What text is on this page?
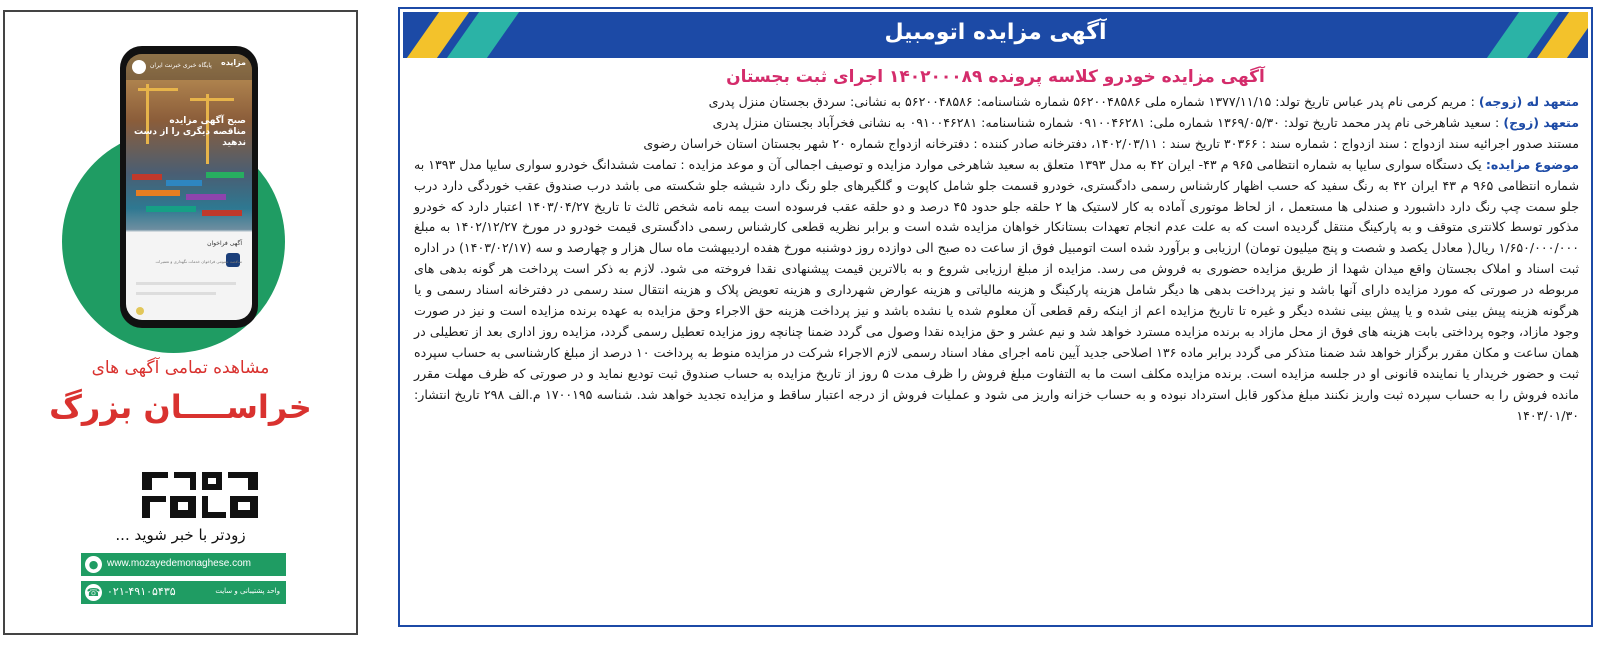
پایگاه خبری خبرنت ایران مزایده
صبح آگهی مزایده مناقصه دیگری را از دست ندهید
آگهی فراخوان
مناقصه عمومی فراخوان خدمات نگهداری و تعمیرات
مشاهده تمامی آگهی های
خراســــان بزرگ
زودتر با خبر شوید ...
● www.mozayedemonaghese.com
☎ ۰۲۱-۴۹۱۰۵۴۳۵	واحد پشتیبانی و سایت
آگهی مزایده اتومبیل
آگهی مزایده خودرو کلاسه پرونده ۱۴۰۲۰۰۰۸۹ اجرای ثبت بجستان

متعهد له (زوجه) : مریم کرمی نام پدر عباس تاریخ تولد: ۱۳۷۷/۱۱/۱۵ شماره ملی ۵۶۲۰۰۴۸۵۸۶ شماره شناسنامه: ۵۶۲۰۰۴۸۵۸۶ به نشانی: سردق بجستان منزل پدری

متعهد (زوج) : سعید شاهرخی نام پدر محمد تاریخ تولد: ۱۳۶۹/۰۵/۳۰ شماره ملی: ۰۹۱۰۰۴۶۲۸۱ شماره شناسنامه: ۰۹۱۰۰۴۶۲۸۱ به نشانی فخرآباد بجستان منزل پدری

مستند صدور اجرائیه سند ازدواج : سند ازدواج : شماره سند : ۳۰۳۶۶ تاریخ سند : ۱۴۰۲/۰۳/۱۱، دفترخانه صادر کننده : دفترخانه ازدواج شماره ۲۰ شهر بجستان استان خراسان رضوی

موضوع مزایده: یک دستگاه سواری سایپا به شماره انتظامی ۹۶۵ م ۴۳- ایران ۴۲ به مدل ۱۳۹۳ متعلق به سعید شاهرخی موارد مزایده و توصیف اجمالی آن و موعد مزایده : تمامت ششدانگ خودرو سواری سایپا مدل ۱۳۹۳ به شماره انتظامی ۹۶۵ م ۴۳ ایران ۴۲ به رنگ سفید که حسب اظهار کارشناس رسمی دادگستری، خودرو قسمت جلو شامل کاپوت و گلگیرهای جلو رنگ دارد شیشه جلو شکسته می باشد درب صندوق عقب خوردگی دارد درب جلو سمت چپ رنگ دارد داشبورد و صندلی ها مستعمل ، از لحاظ موتوری آماده به کار لاستیک ها ۲ حلقه جلو حدود ۴۵ درصد و دو حلقه عقب فرسوده است بیمه نامه شخص ثالث تا تاریخ ۱۴۰۳/۰۴/۲۷ اعتبار دارد که خودرو مذکور توسط کلانتری متوقف و به پارکینگ منتقل گردیده است که به علت عدم انجام تعهدات بستانکار خواهان مزایده شده است و برابر نظریه قطعی کارشناس رسمی دادگستری قیمت خودرو در مورخ ۱۴۰۲/۱۲/۲۷ به مبلغ ۱/۶۵۰/۰۰۰/۰۰۰ ریال( معادل یکصد و شصت و پنج میلیون تومان) ارزیابی و برآورد شده است اتومبیل فوق از ساعت ده صبح الی دوازده روز دوشنبه مورخ هفده اردیبهشت ماه سال هزار و چهارصد و سه (۱۴۰۳/۰۲/۱۷) در اداره ثبت اسناد و املاک بجستان واقع میدان شهدا از طریق مزایده حضوری به فروش می رسد. مزایده از مبلغ ارزیابی شروع و به بالاترین قیمت پیشنهادی نقدا فروخته می شود. لازم به ذکر است پرداخت هر گونه بدهی های مربوطه در صورتی که مورد مزایده دارای آنها باشد و نیز پرداخت بدهی ها دیگر شامل هزینه پارکینگ و هزینه مالیاتی و هزینه عوارض شهرداری و هزینه تعویض پلاک و هزینه انتقال سند رسمی در دفترخانه اسناد رسمی و یا هرگونه هزینه پیش بینی شده و یا پیش بینی نشده دیگر و غیره تا تاریخ مزایده اعم از اینکه رقم قطعی آن معلوم شده یا نشده باشد و نیز پرداخت هزینه حق الاجراء وحق مزایده به عهده برنده مزایده است و نیز در صورت وجود مازاد، وجوه پرداختی بابت هزینه های فوق از محل مازاد به برنده مزایده مسترد خواهد شد و نیم عشر و حق مزایده نقدا وصول می گردد ضمنا چنانچه روز مزایده تعطیل رسمی گردد، مزایده روز اداری بعد از تعطیلی در همان ساعت و مکان مقرر برگزار خواهد شد ضمنا متذکر می گردد برابر ماده ۱۳۶ اصلاحی جدید آیین نامه اجرای مفاد اسناد رسمی لازم الاجراء شرکت در مزایده منوط به پرداخت ۱۰ درصد از مبلغ کارشناسی به حساب سپرده ثبت و حضور خریدار یا نماینده قانونی او در جلسه مزایده است. برنده مزایده مکلف است ما به التفاوت مبلغ فروش را ظرف مدت ۵ روز از تاریخ مزایده به حساب صندوق ثبت تودیع نماید و در صورتی که ظرف مهلت مقرر مانده فروش را به حساب سپرده ثبت واریز نکنند مبلغ مذکور قابل استرداد نبوده و به حساب خزانه واریز می شود و عملیات فروش از درجه اعتبار ساقط و مزایده تجدید خواهد شد. شناسه ۱۷۰۰۱۹۵ م.الف ۲۹۸ تاریخ انتشار: ۱۴۰۳/۰۱/۳۰
